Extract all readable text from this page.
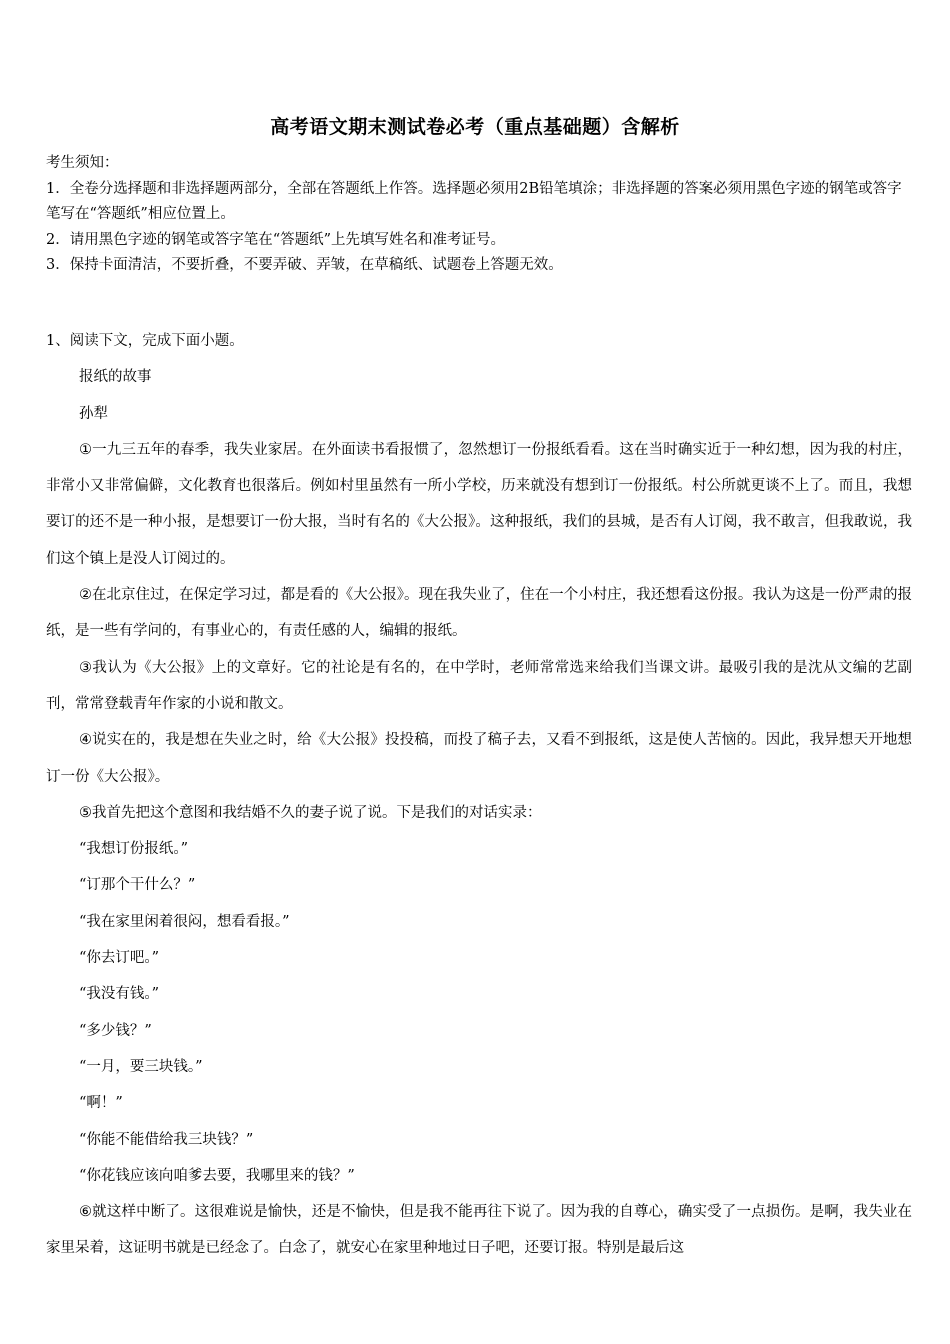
高考语文期末测试卷必考（重点基础题）含解析
考生须知：
1．全卷分选择题和非选择题两部分，全部在答题纸上作答。选择题必须用2B铅笔填涂；非选择题的答案必须用黑色字迹的钢笔或答字笔写在“答题纸”相应位置上。
2．请用黑色字迹的钢笔或答字笔在“答题纸”上先填写姓名和准考证号。
3．保持卡面清洁，不要折叠，不要弄破、弄皱，在草稿纸、试题卷上答题无效。

1、阅读下文，完成下面小题。

报纸的故事

孙犁

①一九三五年的春季，我失业家居。在外面读书看报惯了，忽然想订一份报纸看看。这在当时确实近于一种幻想，因为我的村庄，非常小又非常偏僻，文化教育也很落后。例如村里虽然有一所小学校，历来就没有想到订一份报纸。村公所就更谈不上了。而且，我想要订的还不是一种小报，是想要订一份大报，当时有名的《大公报》。这种报纸，我们的县城，是否有人订阅，我不敢言，但我敢说，我们这个镇上是没人订阅过的。

②在北京住过，在保定学习过，都是看的《大公报》。现在我失业了，住在一个小村庄，我还想看这份报。我认为这是一份严肃的报纸，是一些有学问的，有事业心的，有责任感的人，编辑的报纸。

③我认为《大公报》上的文章好。它的社论是有名的，在中学时，老师常常选来给我们当课文讲。最吸引我的是沈从文编的艺副刊，常常登载青年作家的小说和散文。

④说实在的，我是想在失业之时，给《大公报》投投稿，而投了稿子去，又看不到报纸，这是使人苦恼的。因此，我异想天开地想订一份《大公报》。

⑤我首先把这个意图和我结婚不久的妻子说了说。下是我们的对话实录：

“我想订份报纸。”

“订那个干什么？”

“我在家里闲着很闷，想看看报。”

“你去订吧。”

“我没有钱。”

“多少钱？”

“一月，要三块钱。”

“啊！”

“你能不能借给我三块钱？”

“你花钱应该向咱爹去要，我哪里来的钱？”

⑥就这样中断了。这很难说是愉快，还是不愉快，但是我不能再往下说了。因为我的自尊心，确实受了一点损伤。是啊，我失业在家里呆着，这证明书就是已经念了。白念了，就安心在家里种地过日子吧，还要订报。特别是最后这
